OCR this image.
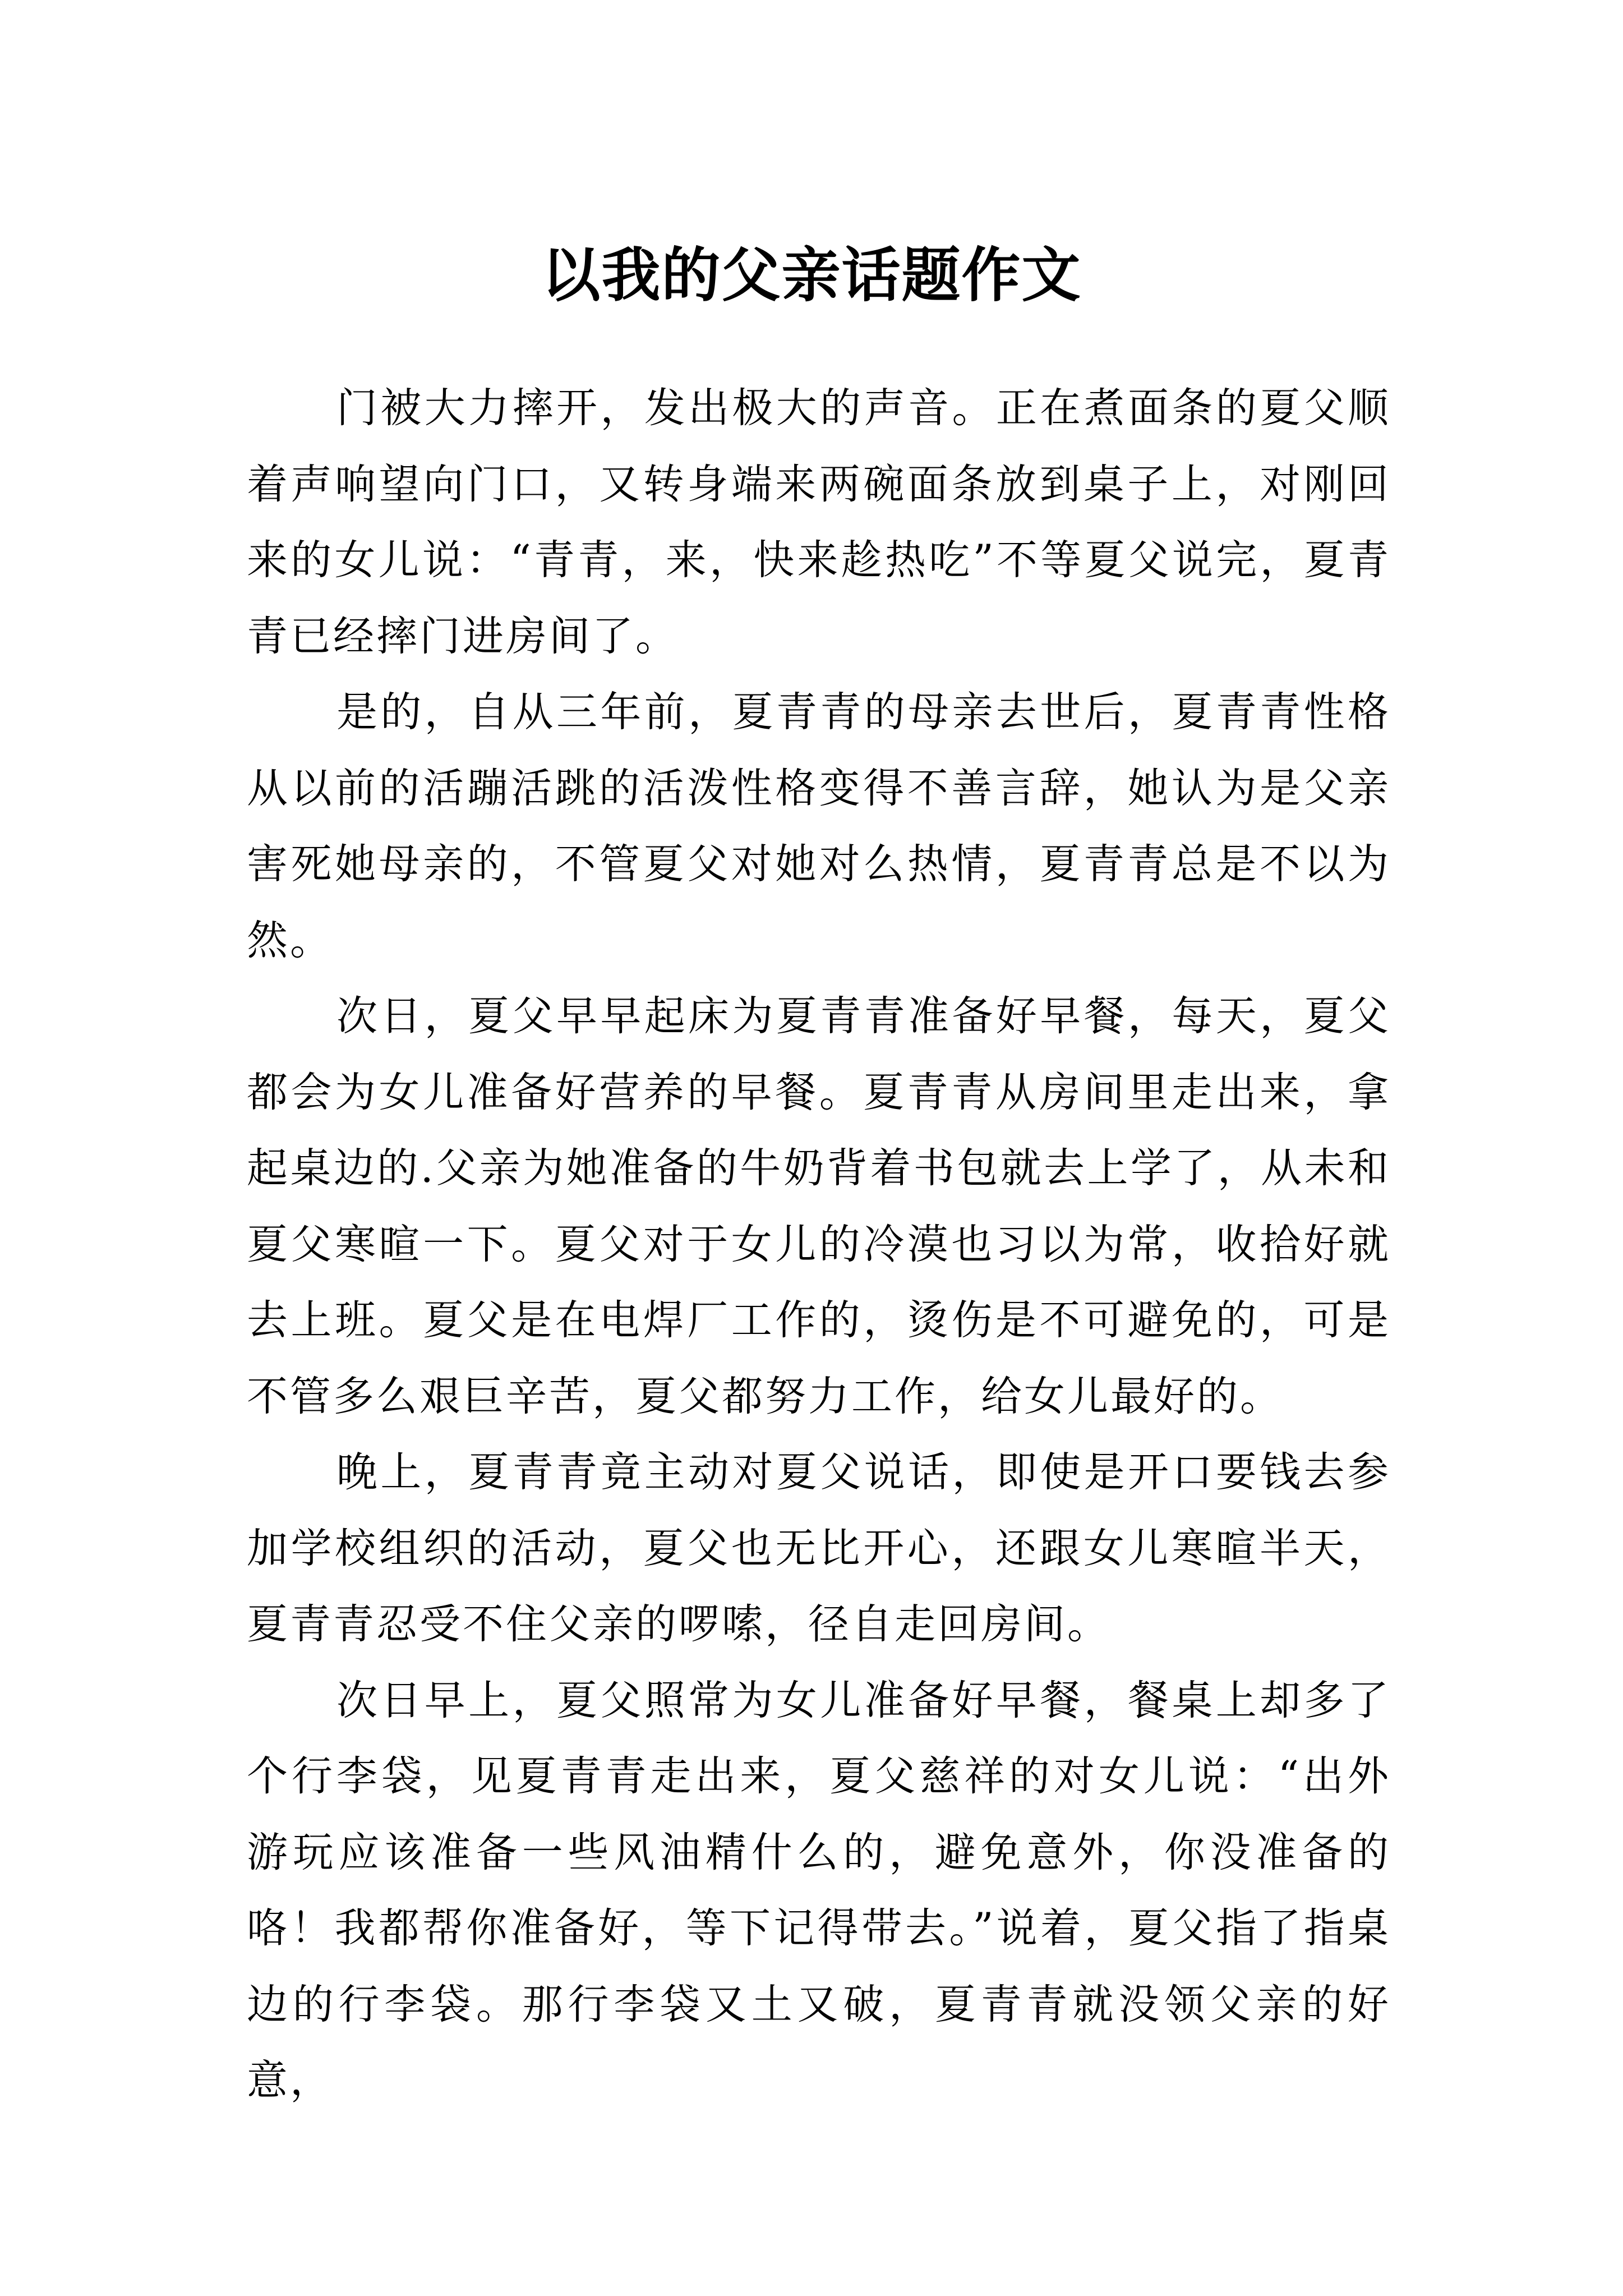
以我的父亲话题作文

门被大力摔开，发出极大的声音。正在煮面条的夏父顺着声响望向门口，又转身端来两碗面条放到桌子上，对刚回来的女儿说：“青青，来，快来趁热吃”不等夏父说完，夏青青已经摔门进房间了。

是的，自从三年前，夏青青的母亲去世后，夏青青性格从以前的活蹦活跳的活泼性格变得不善言辞，她认为是父亲害死她母亲的，不管夏父对她对么热情，夏青青总是不以为然。

次日，夏父早早起床为夏青青准备好早餐，每天，夏父都会为女儿准备好营养的早餐。夏青青从房间里走出来，拿起桌边的.父亲为她准备的牛奶背着书包就去上学了，从未和夏父寒暄一下。夏父对于女儿的冷漠也习以为常，收拾好就去上班。夏父是在电焊厂工作的，烫伤是不可避免的，可是不管多么艰巨辛苦，夏父都努力工作，给女儿最好的。

晚上，夏青青竟主动对夏父说话，即使是开口要钱去参加学校组织的活动，夏父也无比开心，还跟女儿寒暄半天，夏青青忍受不住父亲的啰嗦，径自走回房间。

次日早上，夏父照常为女儿准备好早餐，餐桌上却多了个行李袋，见夏青青走出来，夏父慈祥的对女儿说：“出外游玩应该准备一些风油精什么的，避免意外，你没准备的咯！我都帮你准备好，等下记得带去。”说着，夏父指了指桌边的行李袋。那行李袋又土又破，夏青青就没领父亲的好意，
